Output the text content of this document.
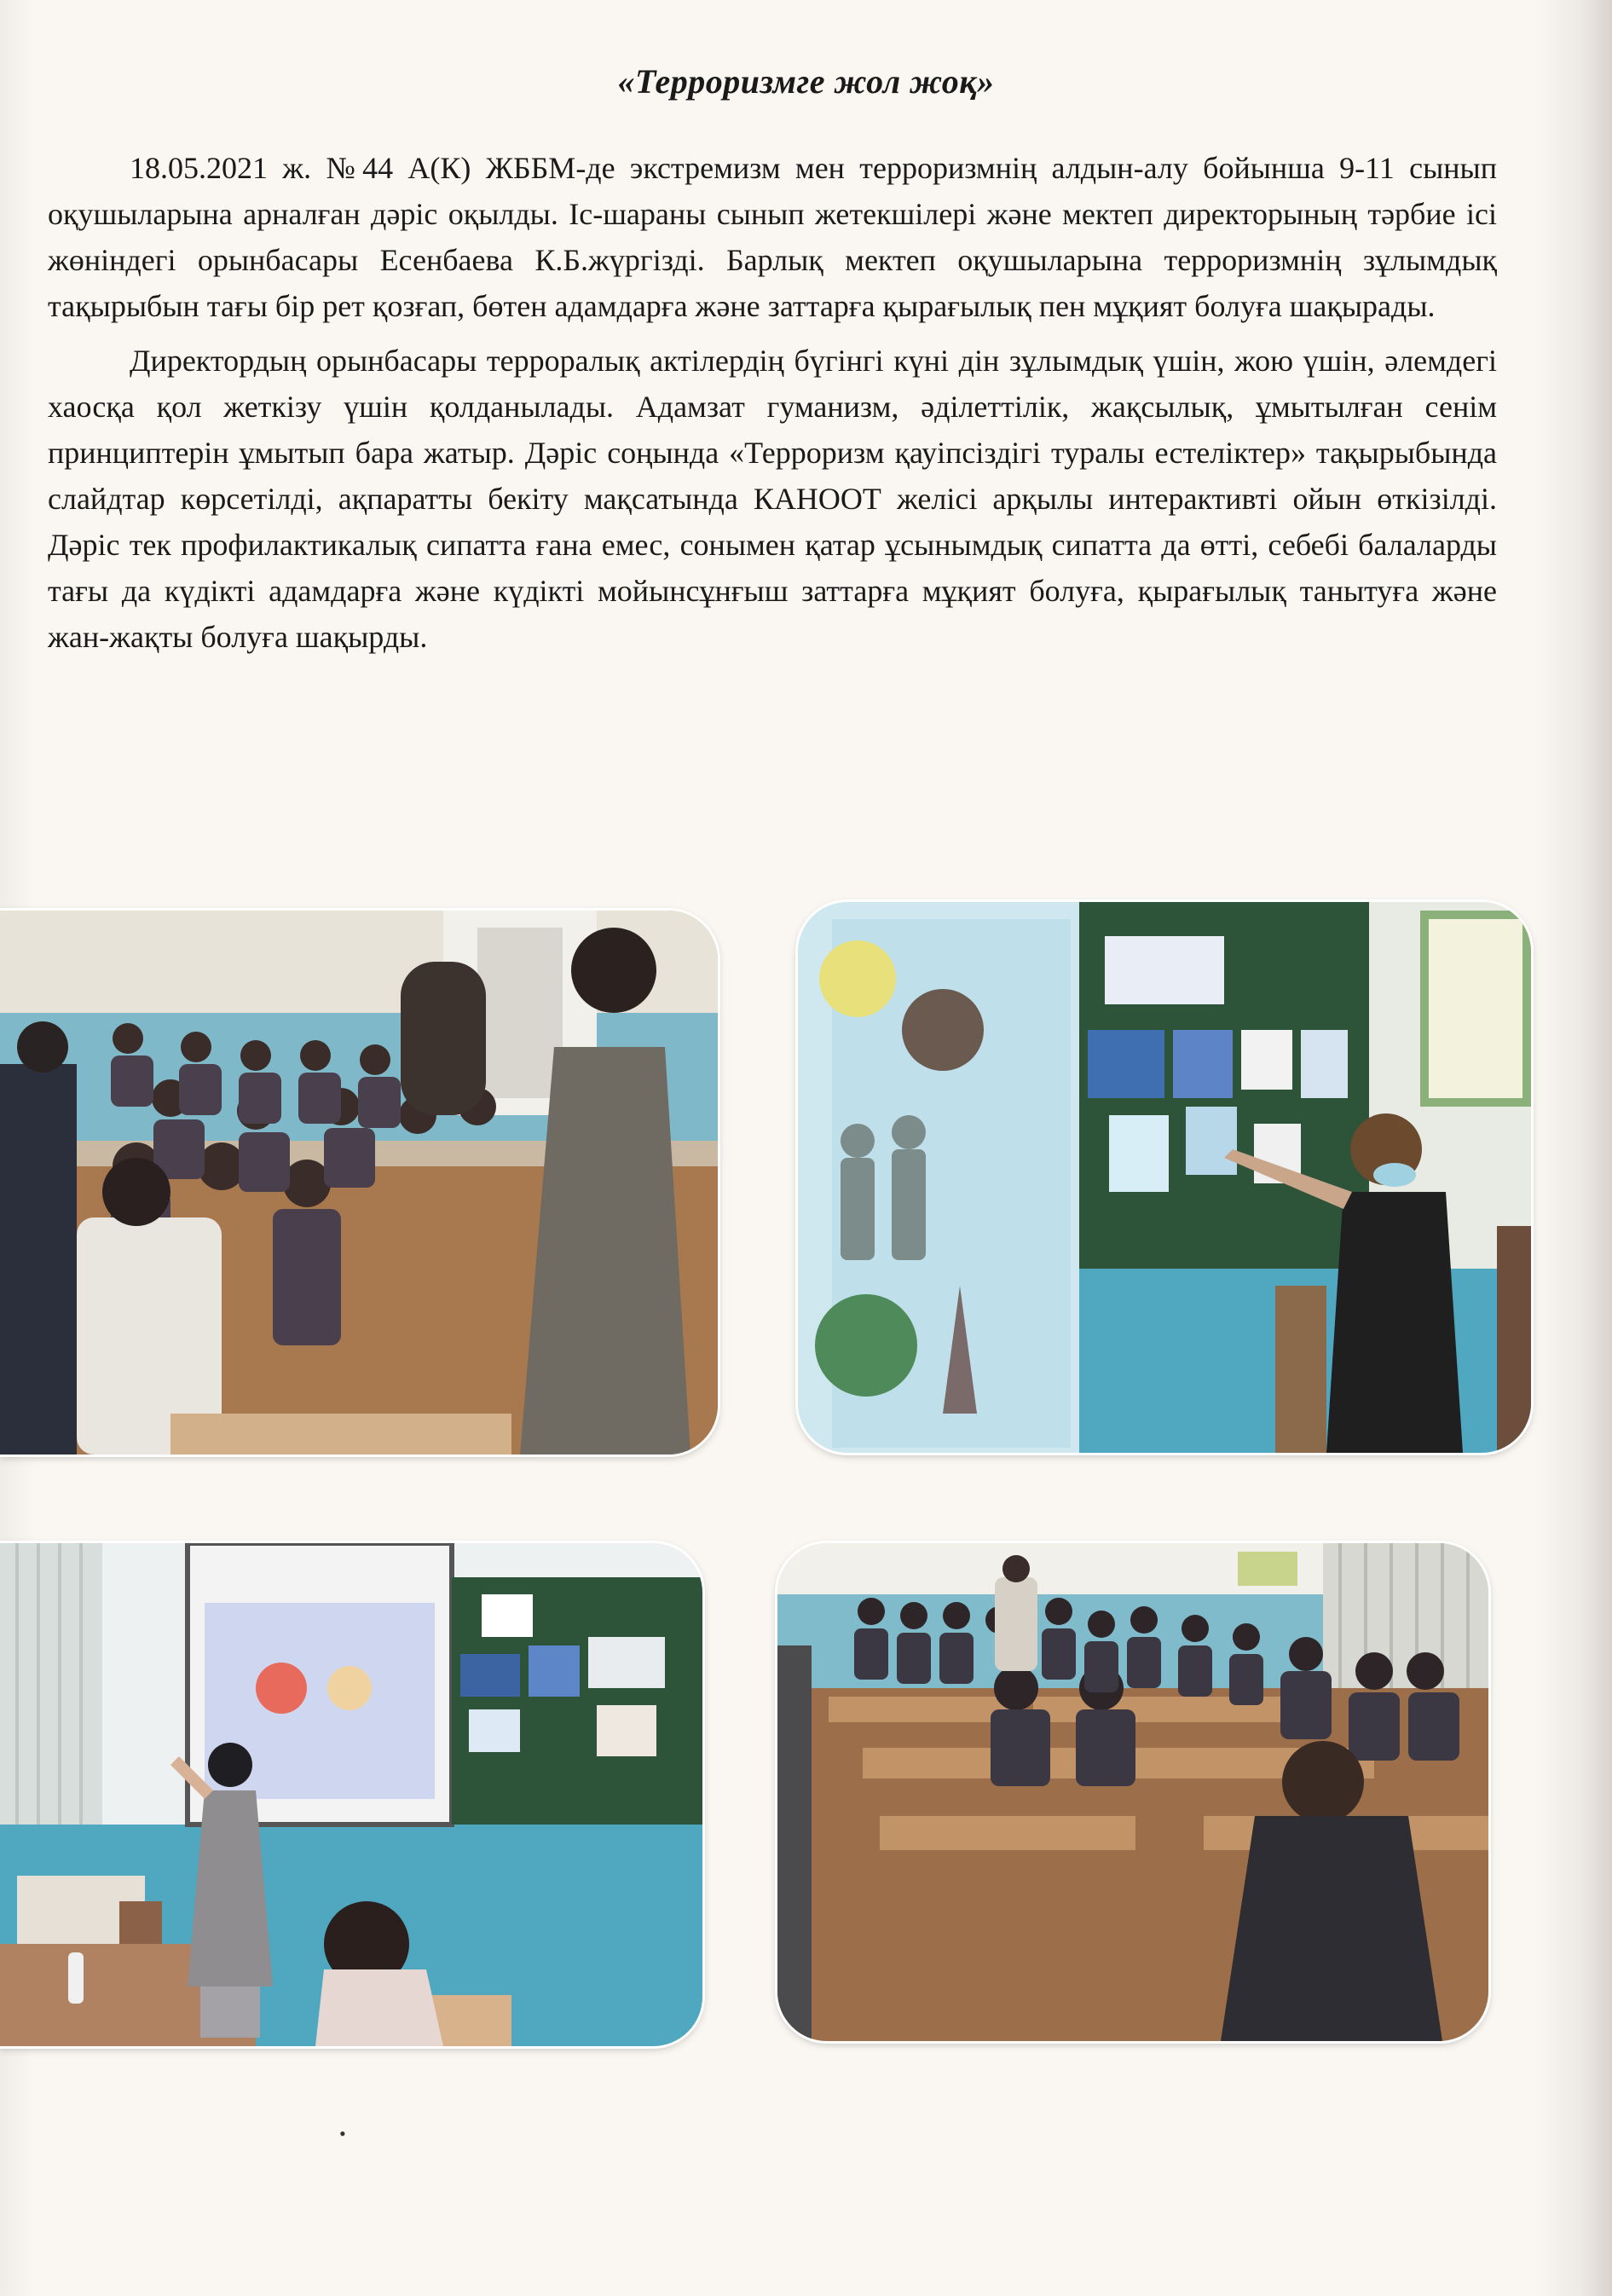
«Терроризмге жол жоқ»

18.05.2021 ж. №44 А(К) ЖББМ-де экстремизм мен терроризмнің алдын-алу бойынша 9-11 сынып оқушыларына арналған дәріс оқылды. Іс-шараны сынып жетекшілері және мектеп директорының тәрбие ісі жөніндегі орынбасары Есенбаева К.Б.жүргізді. Барлық мектеп оқушыларына терроризмнің зұлымдық тақырыбын тағы бір рет қозғап, бөтен адамдарға және заттарға қырағылық пен мұқият болуға шақырады.

Директордың орынбасары терроралық актілердің бүгінгі күні дін зұлымдық үшін, жою үшін, әлемдегі хаосқа қол жеткізу үшін қолданылады. Адамзат гуманизм, әділеттілік, жақсылық, ұмытылған сенім принциптерін ұмытып бара жатыр. Дәріс соңында «Терроризм қауіпсіздігі туралы естеліктер» тақырыбында слайдтар көрсетілді, ақпаратты бекіту мақсатында КАНООТ желісі арқылы интерактивті ойын өткізілді. Дәріс тек профилактикалық сипатта ғана емес, сонымен қатар ұсынымдық сипатта да өтті, себебі балаларды тағы да күдікті адамдарға және күдікті мойынсұнғыш заттарға мұқият болуға, қырағылық танытуға және жан-жақты болуға шақырды.

•
